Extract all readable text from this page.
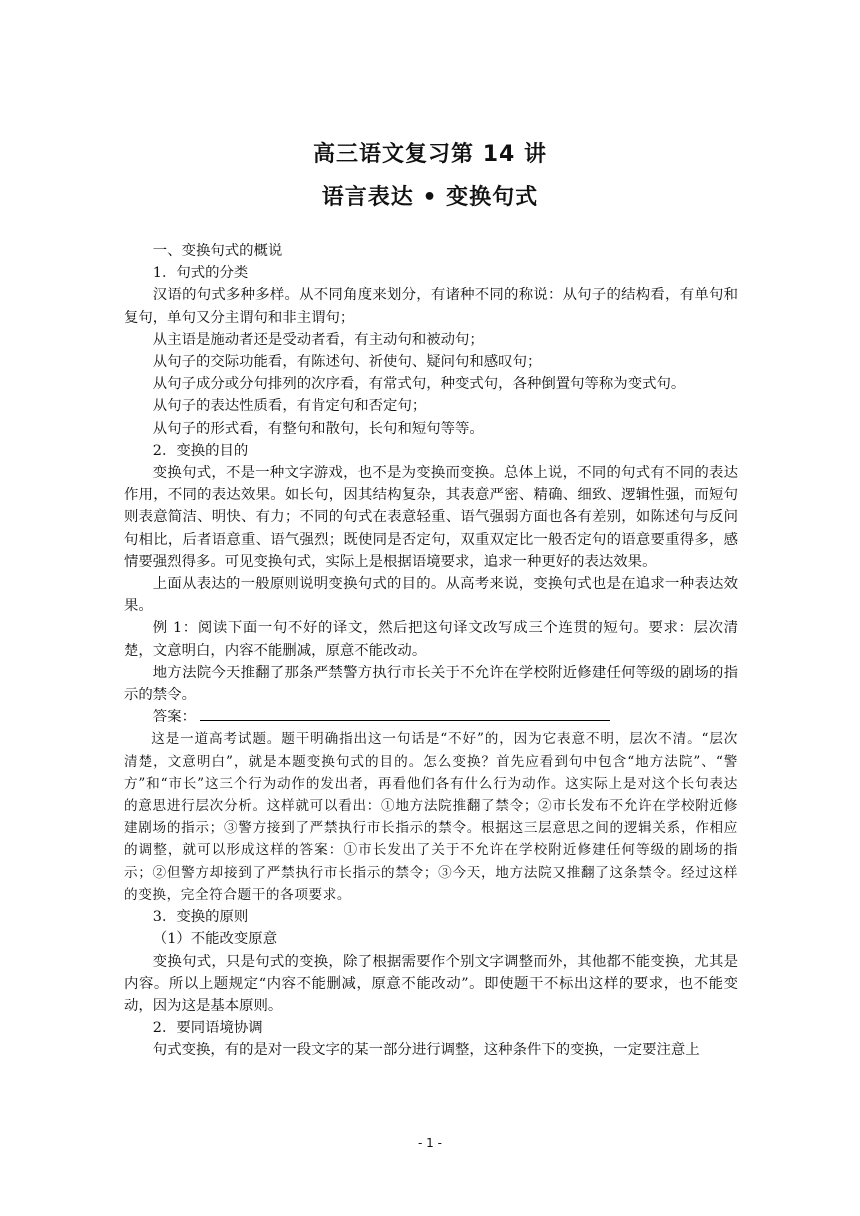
高三语文复习第 14 讲
语言表达 • 变换句式

一、变换句式的概说

1．句式的分类

汉语的句式多种多样。从不同角度来划分，有诸种不同的称说：从句子的结构看，有单句和复句，单句又分主谓句和非主谓句；

从主语是施动者还是受动者看，有主动句和被动句；

从句子的交际功能看，有陈述句、祈使句、疑问句和感叹句；

从句子成分或分句排列的次序看，有常式句，种变式句，各种倒置句等称为变式句。

从句子的表达性质看，有肯定句和否定句；

从句子的形式看，有整句和散句，长句和短句等等。

2．变换的目的

变换句式，不是一种文字游戏，也不是为变换而变换。总体上说，不同的句式有不同的表达作用，不同的表达效果。如长句，因其结构复杂，其表意严密、精确、细致、逻辑性强，而短句则表意简洁、明快、有力；不同的句式在表意轻重、语气强弱方面也各有差别，如陈述句与反问句相比，后者语意重、语气强烈；既使同是否定句，双重双定比一般否定句的语意要重得多，感情要强烈得多。可见变换句式，实际上是根据语境要求，追求一种更好的表达效果。

上面从表达的一般原则说明变换句式的目的。从高考来说，变换句式也是在追求一种表达效果。

例 1：阅读下面一句不好的译文，然后把这句译文改写成三个连贯的短句。要求：层次清楚，文意明白，内容不能删减，原意不能改动。

地方法院今天推翻了那条严禁警方执行市长关于不允许在学校附近修建任何等级的剧场的指示的禁令。

答案：

这是一道高考试题。题干明确指出这一句话是“不好”的，因为它表意不明，层次不清。“层次清楚，文意明白”，就是本题变换句式的目的。怎么变换？首先应看到句中包含“地方法院”、“警方”和“市长”这三个行为动作的发出者，再看他们各有什么行为动作。这实际上是对这个长句表达的意思进行层次分析。这样就可以看出：①地方法院推翻了禁令；②市长发布不允许在学校附近修建剧场的指示；③警方接到了严禁执行市长指示的禁令。根据这三层意思之间的逻辑关系，作相应的调整，就可以形成这样的答案：①市长发出了关于不允许在学校附近修建任何等级的剧场的指示；②但警方却接到了严禁执行市长指示的禁令；③今天，地方法院又推翻了这条禁令。经过这样的变换，完全符合题干的各项要求。

3．变换的原则

（1）不能改变原意

变换句式，只是句式的变换，除了根据需要作个别文字调整而外，其他都不能变换，尤其是内容。所以上题规定“内容不能删减，原意不能改动”。即使题干不标出这样的要求，也不能变动，因为这是基本原则。

2．要同语境协调

句式变换，有的是对一段文字的某一部分进行调整，这种条件下的变换，一定要注意上

- 1 -
